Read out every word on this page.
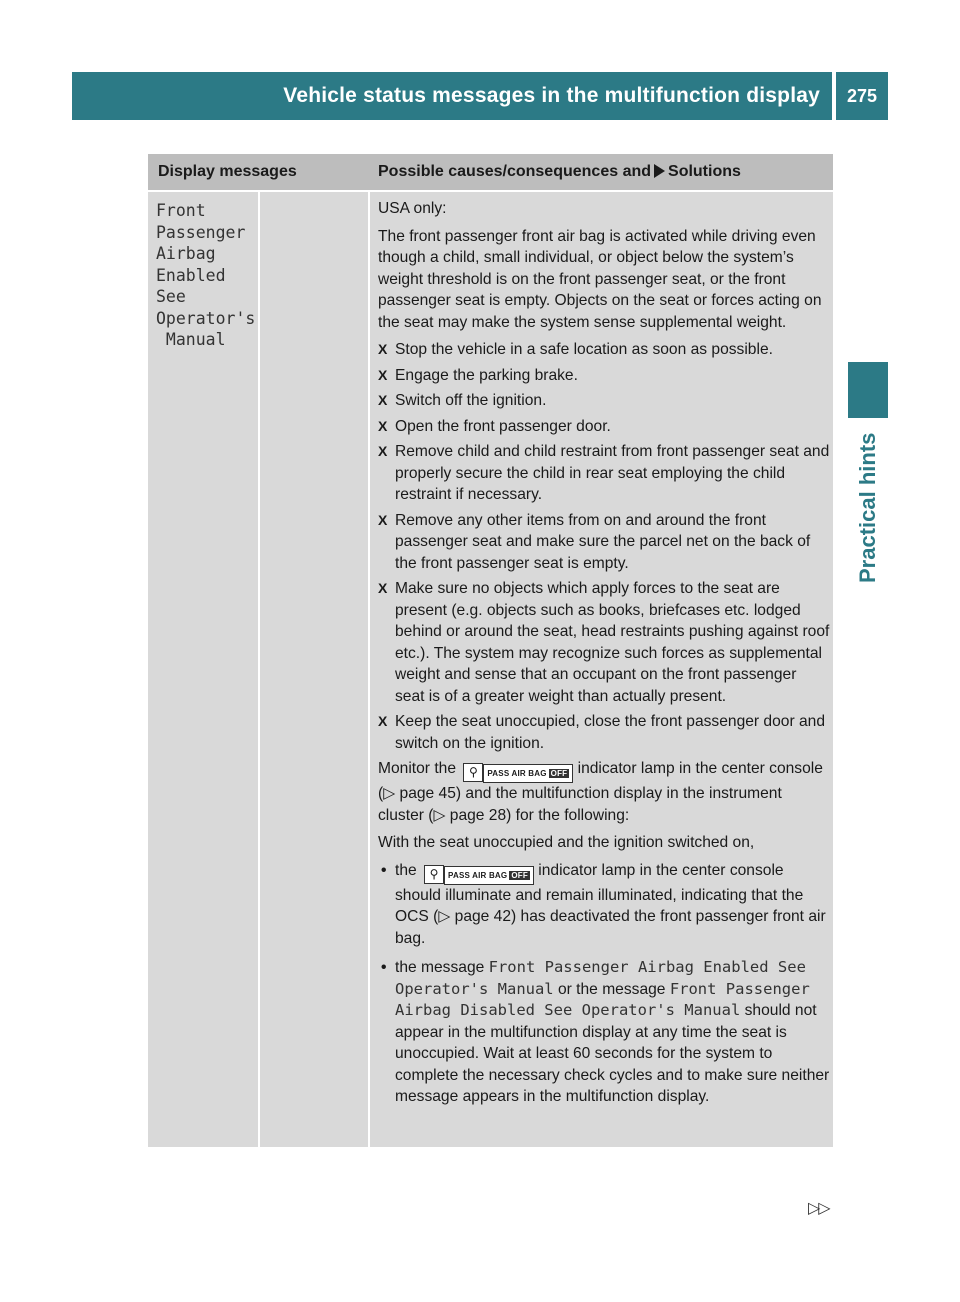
Vehicle status messages in the multifunction display	275
Practical hints
Display messages	Possible causes/consequences and Solutions
Front
Passenger
Airbag
Enabled
See
Operator's
Manual

USA only:

The front passenger front air bag is activated while driving even though a child, small individual, or object below the system’s weight threshold is on the front passenger seat, or the front passenger seat is empty. Objects on the seat or forces acting on the seat may make the system sense supplemental weight.

X Stop the vehicle in a safe location as soon as possible.
X Engage the parking brake.
X Switch off the ignition.
X Open the front passenger door.
X Remove child and child restraint from front passenger seat and properly secure the child in rear seat employing the child restraint if necessary.
X Remove any other items from on and around the front passenger seat and make sure the parcel net on the back of the front passenger seat is empty.
X Make sure no objects which apply forces to the seat are present (e.g. objects such as books, briefcases etc. lodged behind or around the seat, head restraints pushing against roof etc.). The system may recognize such forces as supplemental weight and sense that an occupant on the front passenger seat is of a greater weight than actually present.
X Keep the seat unoccupied, close the front passenger door and switch on the ignition.

Monitor the ⚲ PASS AIR BAG OFF indicator lamp in the center console (▷ page 45) and the multifunction display in the instrument cluster (▷ page 28) for the following:

With the seat unoccupied and the ignition switched on,

• the ⚲ PASS AIR BAG OFF indicator lamp in the center console should illuminate and remain illuminated, indicating that the OCS (▷ page 42) has deactivated the front passenger front air bag.
• the message Front Passenger Airbag Enabled See Operator's Manual or the message Front Passenger Airbag Disabled See Operator's Manual should not appear in the multifunction display at any time the seat is unoccupied. Wait at least 60 seconds for the system to complete the necessary check cycles and to make sure neither message appears in the multifunction display.
▷▷
